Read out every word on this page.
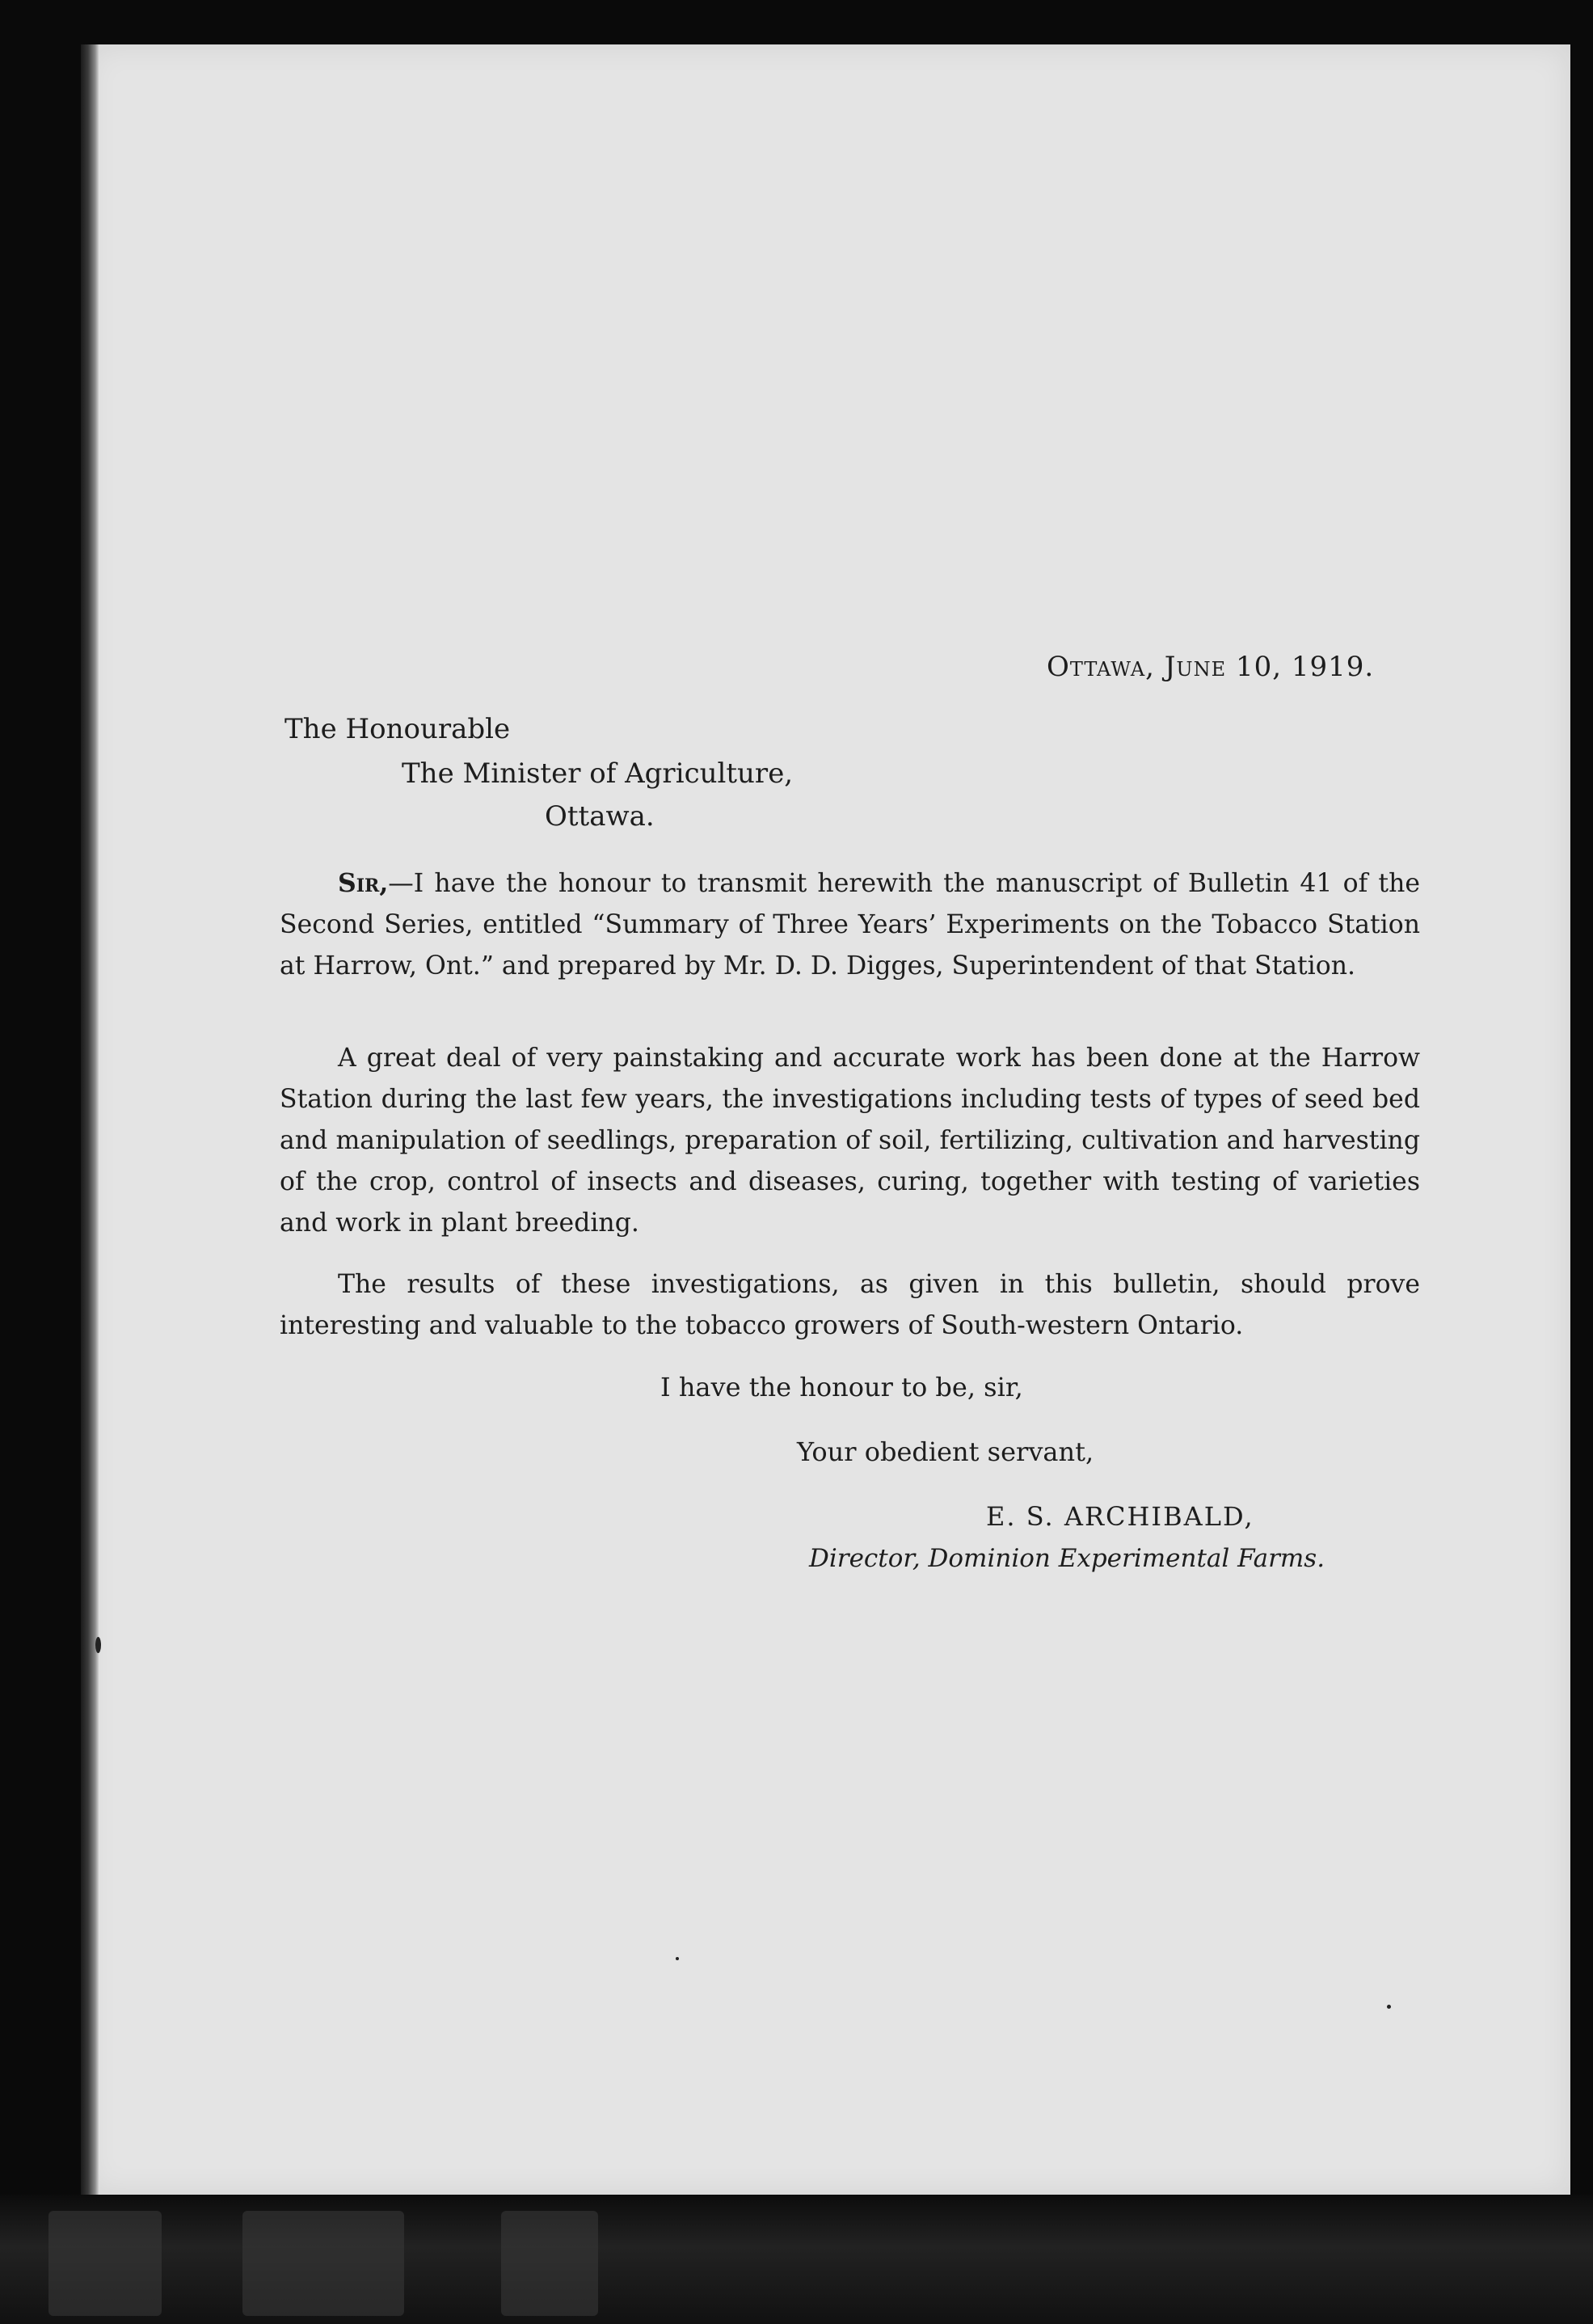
Ottawa, June 10, 1919.

The Honourable

The Minister of Agriculture,

Ottawa.

Sir,—I have the honour to transmit herewith the manuscript of Bulletin 41 of the Second Series, entitled “Summary of Three Years’ Experiments on the Tobacco Station at Harrow, Ont.” and prepared by Mr. D. D. Digges, Superintendent of that Station.

A great deal of very painstaking and accurate work has been done at the Harrow Station during the last few years, the investigations including tests of types of seed bed and manipulation of seedlings, preparation of soil, fertilizing, cultivation and harvesting of the crop, control of insects and diseases, curing, together with testing of varieties and work in plant breeding.

The results of these investigations, as given in this bulletin, should prove interesting and valuable to the tobacco growers of South-western Ontario.

I have the honour to be, sir,

Your obedient servant,

E. S. ARCHIBALD,

Director, Dominion Experimental Farms.
